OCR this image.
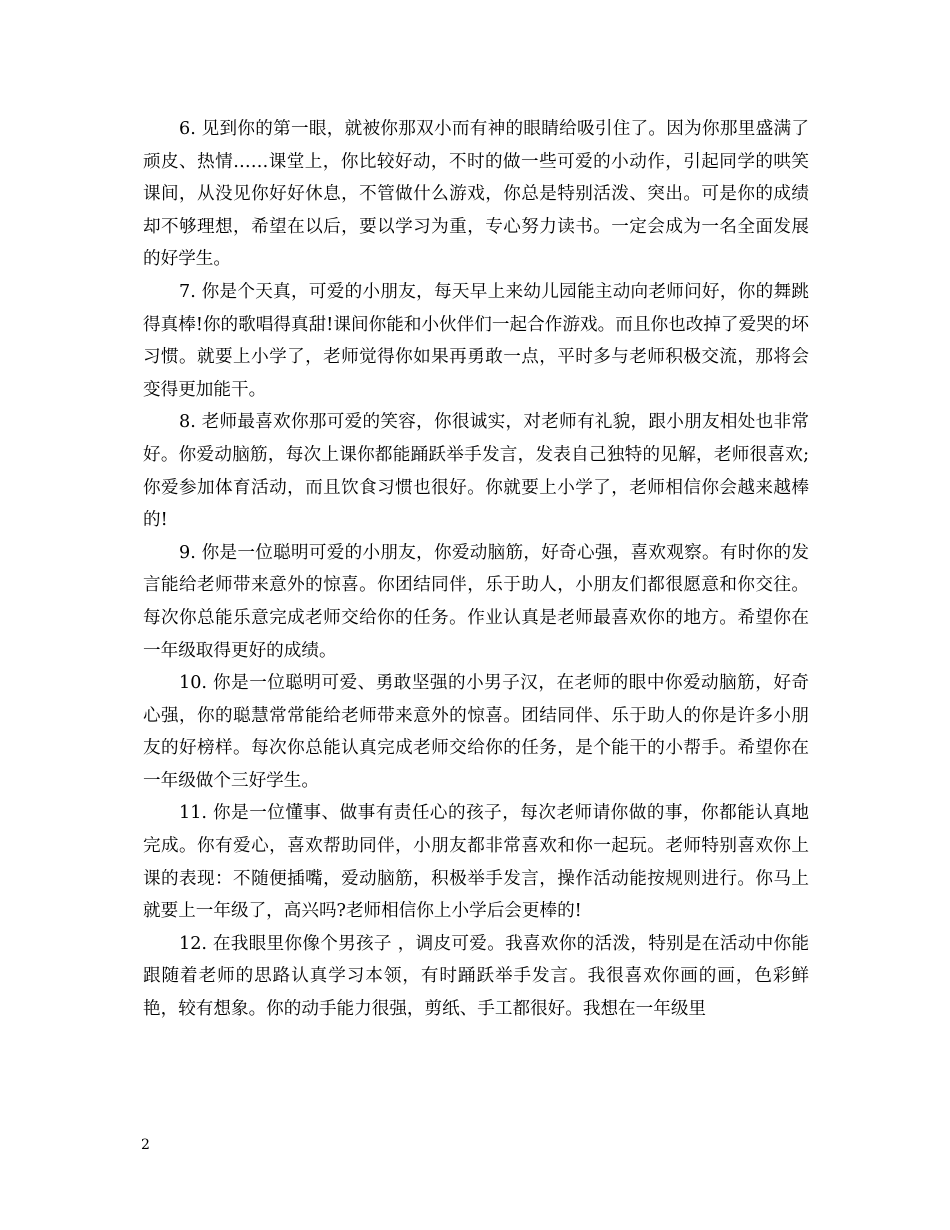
6. 见到你的第一眼，就被你那双小而有神的眼睛给吸引住了。因为你那里盛满了顽皮、热情……课堂上，你比较好动，不时的做一些可爱的小动作，引起同学的哄笑课间，从没见你好好休息，不管做什么游戏，你总是特别活泼、突出。可是你的成绩却不够理想，希望在以后，要以学习为重，专心努力读书。一定会成为一名全面发展的好学生。

7. 你是个天真，可爱的小朋友，每天早上来幼儿园能主动向老师问好，你的舞跳得真棒!你的歌唱得真甜!课间你能和小伙伴们一起合作游戏。而且你也改掉了爱哭的坏习惯。就要上小学了，老师觉得你如果再勇敢一点，平时多与老师积极交流，那将会变得更加能干。

8. 老师最喜欢你那可爱的笑容，你很诚实，对老师有礼貌，跟小朋友相处也非常好。你爱动脑筋，每次上课你都能踊跃举手发言，发表自己独特的见解，老师很喜欢;你爱参加体育活动，而且饮食习惯也很好。你就要上小学了，老师相信你会越来越棒的!

9. 你是一位聪明可爱的小朋友，你爱动脑筋，好奇心强，喜欢观察。有时你的发言能给老师带来意外的惊喜。你团结同伴，乐于助人，小朋友们都很愿意和你交往。每次你总能乐意完成老师交给你的任务。作业认真是老师最喜欢你的地方。希望你在一年级取得更好的成绩。

10. 你是一位聪明可爱、勇敢坚强的小男子汉，在老师的眼中你爱动脑筋，好奇心强，你的聪慧常常能给老师带来意外的惊喜。团结同伴、乐于助人的你是许多小朋友的好榜样。每次你总能认真完成老师交给你的任务，是个能干的小帮手。希望你在一年级做个三好学生。

11. 你是一位懂事、做事有责任心的孩子，每次老师请你做的事，你都能认真地完成。你有爱心，喜欢帮助同伴，小朋友都非常喜欢和你一起玩。老师特别喜欢你上课的表现：不随便插嘴，爱动脑筋，积极举手发言，操作活动能按规则进行。你马上就要上一年级了，高兴吗?老师相信你上小学后会更棒的!

12. 在我眼里你像个男孩子 ，调皮可爱。我喜欢你的活泼，特别是在活动中你能跟随着老师的思路认真学习本领，有时踊跃举手发言。我很喜欢你画的画，色彩鲜艳，较有想象。你的动手能力很强，剪纸、手工都很好。我想在一年级里

2
